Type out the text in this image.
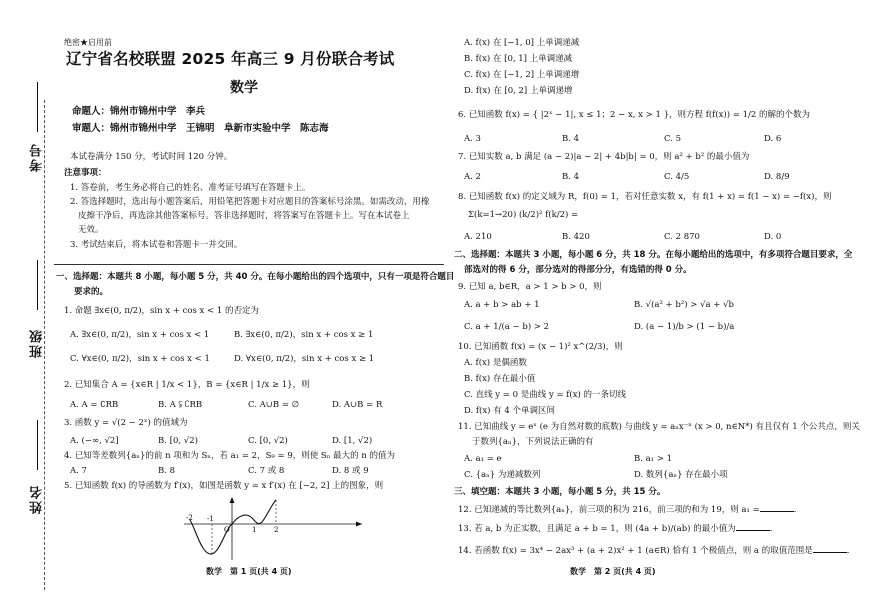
考号
班级
姓名
绝密★启用前
辽宁省名校联盟 2025 年高三 9 月份联合考试
数学
命题人：锦州市锦州中学　李兵
审题人：锦州市锦州中学　王锦明　阜新市实验中学　陈志海
本试卷满分 150 分，考试时间 120 分钟。
注意事项：
1. 答卷前，考生务必将自己的姓名、准考证号填写在答题卡上。
2. 答选择题时，选出每小题答案后，用铅笔把答题卡对应题目的答案标号涂黑。如需改动，用橡
皮擦干净后，再选涂其他答案标号。答非选择题时，将答案写在答题卡上。写在本试卷上
无效。
3. 考试结束后，将本试卷和答题卡一并交回。
一、选择题：本题共 8 小题，每小题 5 分，共 40 分。在每小题给出的四个选项中，只有一项是符合题目
要求的。
1. 命题 ∃x∈(0, π/2)，sin x + cos x < 1 的否定为
A. ∃x∈(0, π/2)，sin x + cos x < 1	B. ∃x∈(0, π/2)，sin x + cos x ≥ 1
C. ∀x∈(0, π/2)，sin x + cos x < 1	D. ∀x∈(0, π/2)，sin x + cos x ≥ 1
2. 已知集合 A = {x∈R | 1/x < 1}，B = {x∈R | 1/x ≥ 1}，则
A. A = ∁RB	B. A ⫋ ∁RB	C. A∪B = ∅	D. A∪B = R
3. 函数 y = √(2 − 2ˣ) 的值域为
A. (−∞, √2]	B. [0, √2)	C. [0, √2)	D. [1, √2)
4. 已知等差数列{aₙ}的前 n 项和为 Sₙ，若 a₁ = 2，S₉ = 9，则使 Sₙ 最大的 n 的值为
A. 7	B. 8	C. 7 或 8	D. 8 或 9
5. 已知函数 f(x) 的导函数为 f′(x)，如图是函数 y = x f′(x) 在 [−2, 2] 上的图象，则
-2 -1
O	1	2
数学　第 1 页(共 4 页)
A. f(x) 在 [−1, 0] 上单调递减
B. f(x) 在 [0, 1] 上单调递减
C. f(x) 在 [−1, 2] 上单调递增
D. f(x) 在 [0, 2] 上单调递增
6. 已知函数 f(x) = { |2ˣ − 1|, x ≤ 1；2 − x, x > 1 }，则方程 f(f(x)) = 1/2 的解的个数为
A. 3	B. 4	C. 5	D. 6
7. 已知实数 a, b 满足 (a − 2)|a − 2| + 4b|b| = 0，则 a² + b² 的最小值为
A. 2	B. 4	C. 4/5	D. 8/9
8. 已知函数 f(x) 的定义域为 R，f(0) = 1，若对任意实数 x，有 f(1 + x) = f(1 − x) = −f(x)，则
Σ(k=1→20) (k/2)² f(k/2) =
A. 210	B. 420	C. 2 870	D. 0
二、选择题：本题共 3 小题，每小题 6 分，共 18 分。在每小题给出的选项中，有多项符合题目要求，全
部选对的得 6 分，部分选对的得部分分，有选错的得 0 分。
9. 已知 a, b∈R，a > 1 > b > 0，则
A. a + b > ab + 1	B. √(a² + b²) > √a + √b
C. a + 1/(a − b) > 2	D. (a − 1)/b > (1 − b)/a
10. 已知函数 f(x) = (x − 1)² x^(2/3)，则
A. f(x) 是偶函数
B. f(x) 存在最小值
C. 直线 y = 0 是曲线 y = f(x) 的一条切线
D. f(x) 有 4 个单调区间
11. 已知曲线 y = eˣ (e 为自然对数的底数) 与曲线 y = aₙx⁻ⁿ (x > 0, n∈N*) 有且仅有 1 个公共点，则关
于数列{aₙ}，下列说法正确的有
A. a₁ = e	B. a₁ > 1
C. {aₙ} 为递减数列	D. 数列{aₙ} 存在最小项
三、填空题：本题共 3 小题，每小题 5 分，共 15 分。
12. 已知递减的等比数列{aₙ}，前三项的积为 216，前三项的和为 19，则 a₁ =	.
13. 若 a, b 为正实数，且满足 a + b = 1，则 (4a + b)/(ab) 的最小值为	.
14. 若函数 f(x) = 3x⁴ − 2ax³ + (a + 2)x² + 1 (a∈R) 恰有 1 个极值点，则 a 的取值范围是	.
数学　第 2 页(共 4 页)
